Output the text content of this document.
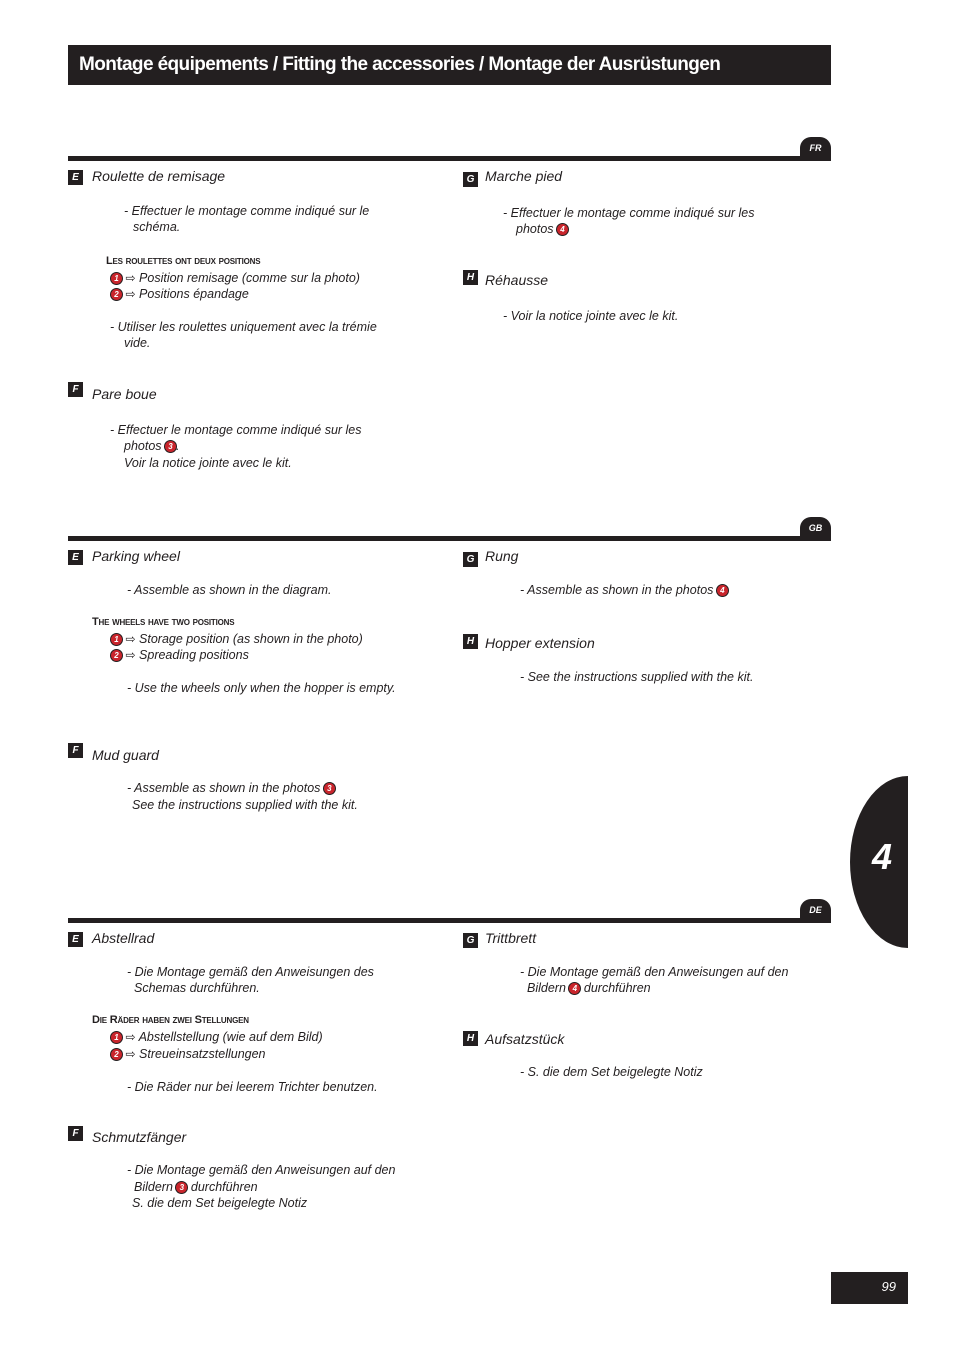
Montage équipements / Fitting the accessories / Montage der Ausrüstungen
FR
E Roulette de remisage
- Effectuer le montage comme indiqué sur le
schéma.
Les roulettes ont deux positions
1 ⇨ Position remisage (comme sur la photo)
2 ⇨ Positions épandage
- Utiliser les roulettes uniquement avec la trémie
vide.
F Pare boue
- Effectuer le montage comme indiqué sur les
photos 3 .
Voir la notice jointe avec le kit.
G Marche pied
- Effectuer le montage comme indiqué sur les
photos 4
H Réhausse
- Voir la notice jointe avec le kit.
GB
E Parking wheel
- Assemble as shown in the diagram.
The wheels have two positions
1 ⇨ Storage position (as shown in the photo)
2 ⇨ Spreading positions
- Use the wheels only when the hopper is empty.
F Mud guard
- Assemble as shown in the photos 3
See the instructions supplied with the kit.
G Rung
- Assemble as shown in the photos 4
H Hopper extension
- See the instructions supplied with the kit.
4
DE
E Abstellrad
- Die Montage gemäß den Anweisungen des
Schemas durchführen.
Die Räder haben zwei Stellungen
1 ⇨ Abstellstellung (wie auf dem Bild)
2 ⇨ Streueinsatzstellungen
- Die Räder nur bei leerem Trichter benutzen.
F Schmutzfänger
- Die Montage gemäß den Anweisungen auf den
Bildern 3 durchführen
S. die dem Set beigelegte Notiz
G Trittbrett
- Die Montage gemäß den Anweisungen auf den
Bildern 4 durchführen
H Aufsatzstück
- S. die dem Set beigelegte Notiz
99
